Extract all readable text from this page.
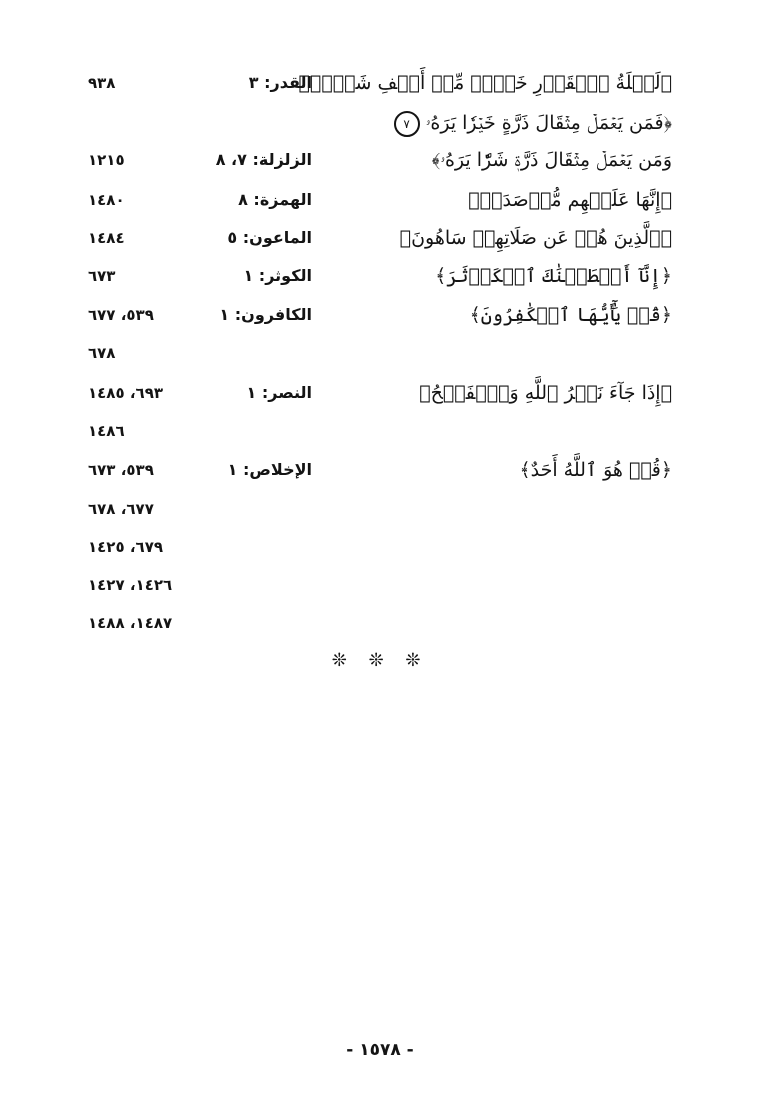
﴿لَيۡلَةُ ٱلۡقَدۡرِ خَيۡرٞ مِّنۡ أَلۡفِ شَهۡرٖ﴾
القدر: ٣
٩٣٨
﴿فَمَن يَعۡمَلۡ مِثۡقَالَ ذَرَّةٍ خَيۡرٗا يَرَهُۥ ٧
وَمَن يَعۡمَلۡ مِثۡقَالَ ذَرَّةٖ شَرّٗا يَرَهُۥ﴾
الزلزلة: ٧، ٨
١٢١٥
﴿إِنَّهَا عَلَيۡهِم مُّؤۡصَدَةٞ﴾
الهمزة: ٨
١٤٨٠
﴿ٱلَّذِينَ هُمۡ عَن صَلَاتِهِمۡ سَاهُونَ﴾
الماعون: ٥
١٤٨٤
﴿إِنَّآ أَعۡطَيۡنَٰكَ ٱلۡكَوۡثَرَ﴾
الكوثر: ١
٦٧٣
﴿قُلۡ يَٰٓأَيُّهَا ٱلۡكَٰفِرُونَ﴾
الكافرون: ١
٥٣٩، ٦٧٧
٦٧٨
﴿إِذَا جَآءَ نَصۡرُ ٱللَّهِ وَٱلۡفَتۡحُ﴾
النصر: ١
٦٩٣، ١٤٨٥
١٤٨٦
﴿قُلۡ هُوَ ٱللَّهُ أَحَدٌ﴾
الإخلاص: ١
٥٣٩، ٦٧٣
٦٧٧، ٦٧٨
٦٧٩، ١٤٢٥
١٤٢٦، ١٤٢٧
١٤٨٧، ١٤٨٨
❊ ❊ ❊
- ١٥٧٨ -
